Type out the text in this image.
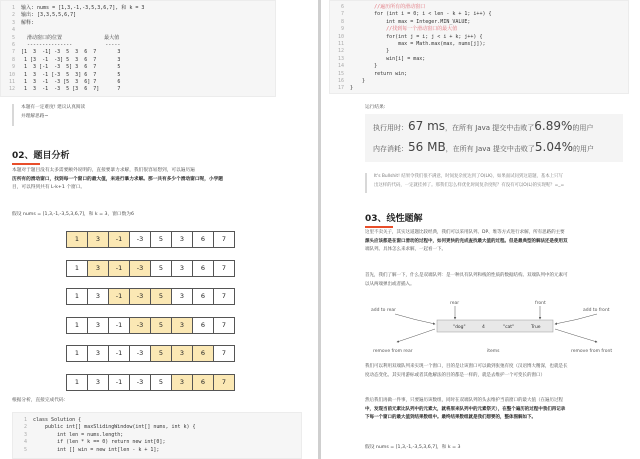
1 输入: nums = [1,3,-1,-3,5,3,6,7], 和 k = 3
2 输出: [3,3,5,5,6,7]
3 解释:
4
5  滑动窗口的位置              最大值
6  ---------------           -----
7 [1  3  -1] -3  5  3  6  7       3
8 1 [3  -1  -3] 5  3  6  7       3
9 1  3 [-1  -3  5] 3  6  7       5
10 1  3  -1 [-3  5  3] 6  7       5
11 1  3  -1  -3 [5  3  6] 7       6
12 1  3  -1  -3  5 [3  6  7]      7
本题有一定难度! 建议认真阅读
并理解思路~
02、题目分析
本题对于题目没有太多需要额外说明的，直接要暴力求解，我们很容易想到，可以遍历遍
历所有的滑动窗口，找到每一个窗口的最大值，来进行暴力求解。那一共有多少个滑动窗口呢，小学题
目，可以得到共有 L-k+1 个窗口。
假设 nums = [1,3,-1,-3,5,3,6,7]，和 k = 3，窗口数为6
1	3	-1	-3	5	3	6	7
1	3	-1	-3	5	3	6	7
1	3	-1	-3	5	3	6	7
1	3	-1	-3	5	3	6	7
1	3	-1	-3	5	3	6	7
1	3	-1	-3	5	3	6	7
根据分析，直接完成代码：
1 class Solution {
2    public int[] maxSlidingWindow(int[] nums, int k) {
3        int len = nums.length;
4        if (len * k == 0) return new int[0];
5        int [] win = new int[len - k + 1];
6        //遍历所有的滑动窗口
7        for (int i = 0; i < len - k + 1; i++) {
8            int max = Integer.MIN_VALUE;
9            //找到每一个滑动窗口的最大值
10            for(int j = i; j < i + k; j++) {
11                max = Math.max(max, nums[j]);
12            }
13            win[i] = max;
14        }
15        return win;
16    }
17 }
运行结果:
执行用时：67 ms，在所有 Java 提交中击败了6.89%的用户
内存消耗：56 MB，在所有 Java 提交中击败了5.04%的用户
It's Bullshit! 结果令我们很不满意，时间复杂度达到了O(LK)，如果面试问到这道题，基本上只写
出这样的代码，一定就挂掉了。那我们怎么样优化时间复杂度呢？有没有可以O(L)的实现呢？=_=
03、线性题解
这里不卖关子，其实这道题比较经典，我们可以采用队列、DP、堆等方式进行求解，所有思路的主要
源头应该都是在窗口滑动的过程中，如何更快的完成查找最大值的过程。但是最典型的解法还是使用双
端队列。具体怎么来求解，一起看一下。
首先，我们了解一下，什么是双端队列：是一种具有队列和栈的性质的数据结构。双端队列中的元素可
以从两端弹出或者插入。
rear	front
add to rear	add to front
"dog"	4	"cat"	True
remove from rear	items	remove from front
我们可以利用双端队列来实现一个窗口，目的是让该窗口可以做到张弛有度（汉语博大精深，也就是长
度动态变化。其实用游标或者其他解法的目的都是一样的，就是去维护一个可变长的窗口）
然后我们再做一件事，只要遍历该数组，同时在双端队列的头去维护当前窗口的最大值（在遍历过程
中，发现当前元素比队列中的元素大，就将原来队列中的元素祭天），在整个遍历的过程中我们再记录
下每一个窗口的最大值到结果数组中。最终结果数组就是我们想要的，整体图解如下。
假设 nums = [1,3,-1,-3,5,3,6,7]，和 k = 3
